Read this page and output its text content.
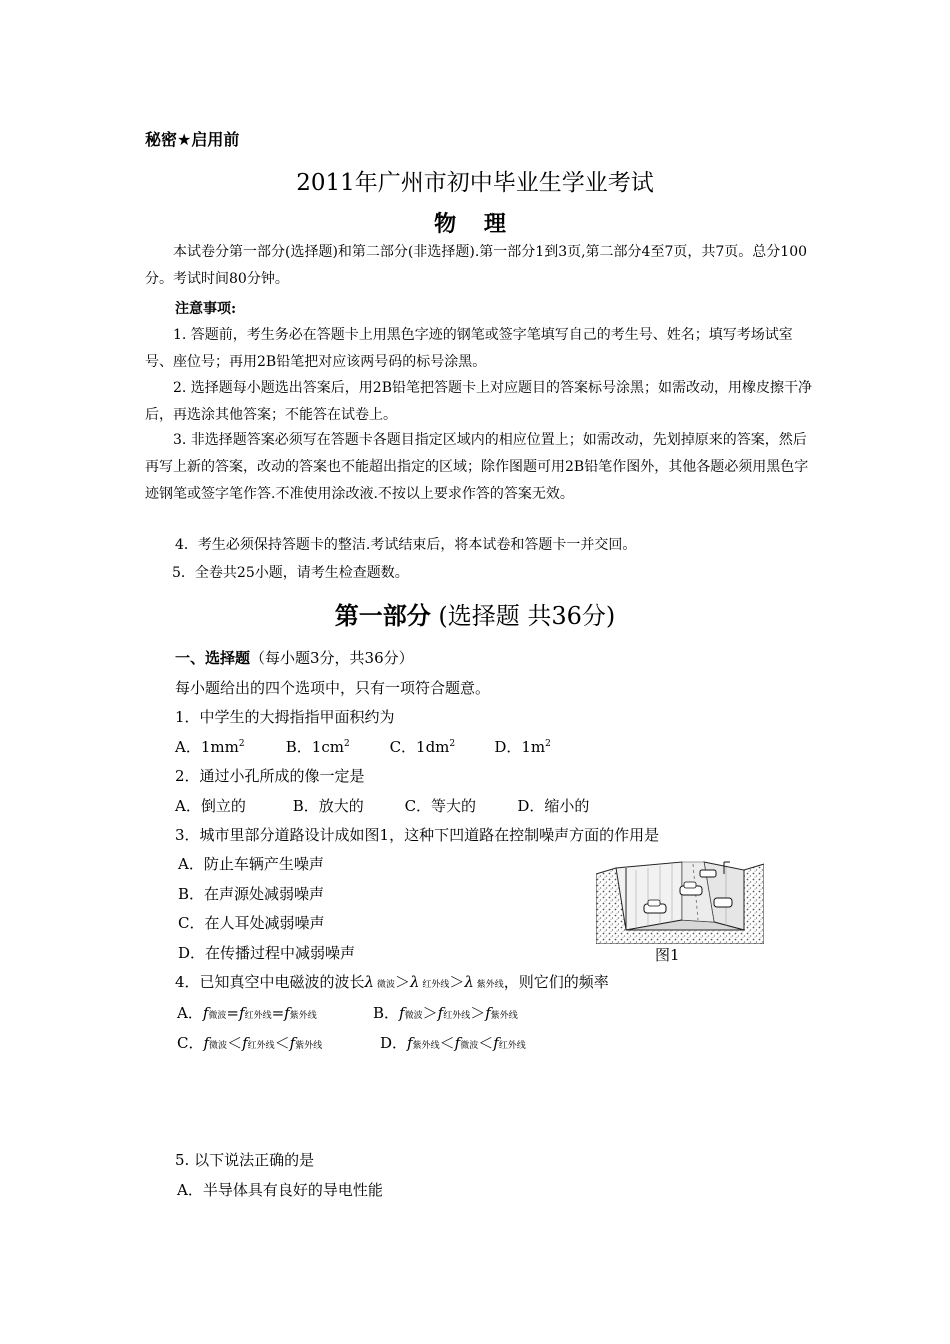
秘密★启用前
2011年广州市初中毕业生学业考试
物 理
本试卷分第一部分(选择题)和第二部分(非选择题).第一部分1到3页,第二部分4至7页，共7页。总分100分。考试时间80分钟。
注意事项:
1. 答题前，考生务必在答题卡上用黑色字迹的钢笔或签字笔填写自己的考生号、姓名；填写考场试室号、座位号；再用2B铅笔把对应该两号码的标号涂黑。
2. 选择题每小题选出答案后，用2B铅笔把答题卡上对应题目的答案标号涂黑；如需改动，用橡皮擦干净后，再选涂其他答案；不能答在试卷上。
3. 非选择题答案必须写在答题卡各题目指定区域内的相应位置上；如需改动，先划掉原来的答案，然后再写上新的答案，改动的答案也不能超出指定的区域；除作图题可用2B铅笔作图外，其他各题必须用黑色字迹钢笔或签字笔作答.不准使用涂改液.不按以上要求作答的答案无效。
4．考生必须保持答题卡的整洁.考试结束后，将本试卷和答题卡一并交回。
5．全卷共25小题，请考生检查题数。
第一部分 (选择题 共36分)
一、选择题（每小题3分，共36分）
每小题给出的四个选项中，只有一项符合题意。
1．中学生的大拇指指甲面积约为
A．$1mm^2$	B．$1cm^2$	C．$1dm^2$	D．$1m^2$
2．通过小孔所成的像一定是
A．倒立的	B．放大的	C．等大的	D．缩小的
3．城市里部分道路设计成如图1，这种下凹道路在控制噪声方面的作用是
A．防止车辆产生噪声
B．在声源处减弱噪声
C．在人耳处减弱噪声
D．在传播过程中减弱噪声	图1
4．已知真空中电磁波的波长λ 微波＞λ 红外线＞λ 紫外线，则它们的频率
A．f微波=f红外线=f紫外线	B．f微波＞f红外线＞f紫外线
C．f微波＜f红外线＜f紫外线	D．f紫外线＜f微波＜f红外线
5. 以下说法正确的是
A．半导体具有良好的导电性能
